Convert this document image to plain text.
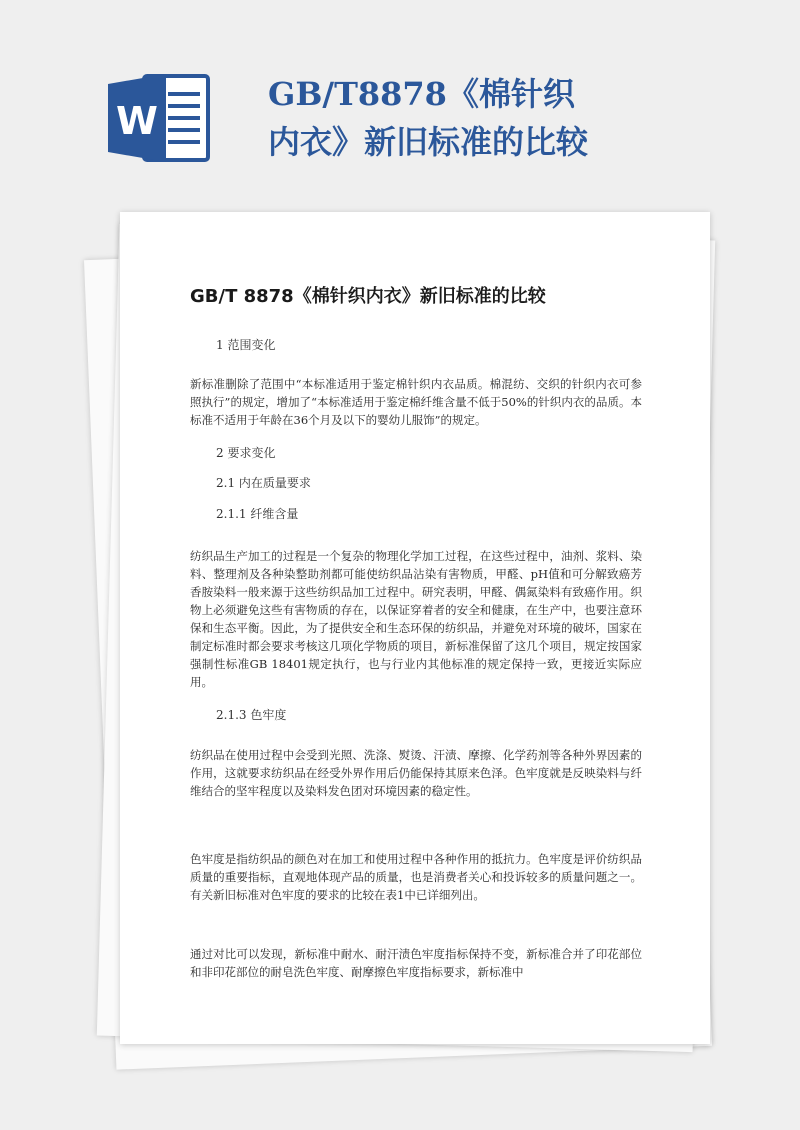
W
GB/T8878《棉针织内衣》新旧标准的比较
GB/T 8878《棉针织内衣》新旧标准的比较

1 范围变化

新标准删除了范围中“本标准适用于鉴定棉针织内衣品质。棉混纺、交织的针织内衣可参照执行”的规定，增加了“本标准适用于鉴定棉纤维含量不低于50%的针织内衣的品质。本标准不适用于年龄在36个月及以下的婴幼儿服饰”的规定。

2 要求变化

2.1 内在质量要求

2.1.1 纤维含量

纺织品生产加工的过程是一个复杂的物理化学加工过程，在这些过程中，油剂、浆料、染料、整理剂及各种染整助剂都可能使纺织品沾染有害物质，甲醛、pH值和可分解致癌芳香胺染料一般来源于这些纺织品加工过程中。研究表明，甲醛、偶氮染料有致癌作用。织物上必须避免这些有害物质的存在，以保证穿着者的安全和健康，在生产中，也要注意环保和生态平衡。因此，为了提供安全和生态环保的纺织品，并避免对环境的破坏，国家在制定标准时都会要求考核这几项化学物质的项目，新标准保留了这几个项目，规定按国家强制性标准GB 18401规定执行，也与行业内其他标准的规定保持一致，更接近实际应用。

2.1.3 色牢度

纺织品在使用过程中会受到光照、洗涤、熨烫、汗渍、摩擦、化学药剂等各种外界因素的作用，这就要求纺织品在经受外界作用后仍能保持其原来色泽。色牢度就是反映染料与纤维结合的坚牢程度以及染料发色团对环境因素的稳定性。

色牢度是指纺织品的颜色对在加工和使用过程中各种作用的抵抗力。色牢度是评价纺织品质量的重要指标，直观地体现产品的质量，也是消费者关心和投诉较多的质量问题之一。有关新旧标准对色牢度的要求的比较在表1中已详细列出。

通过对比可以发现，新标准中耐水、耐汗渍色牢度指标保持不变，新标准合并了印花部位和非印花部位的耐皂洗色牢度、耐摩擦色牢度指标要求，新标准中
